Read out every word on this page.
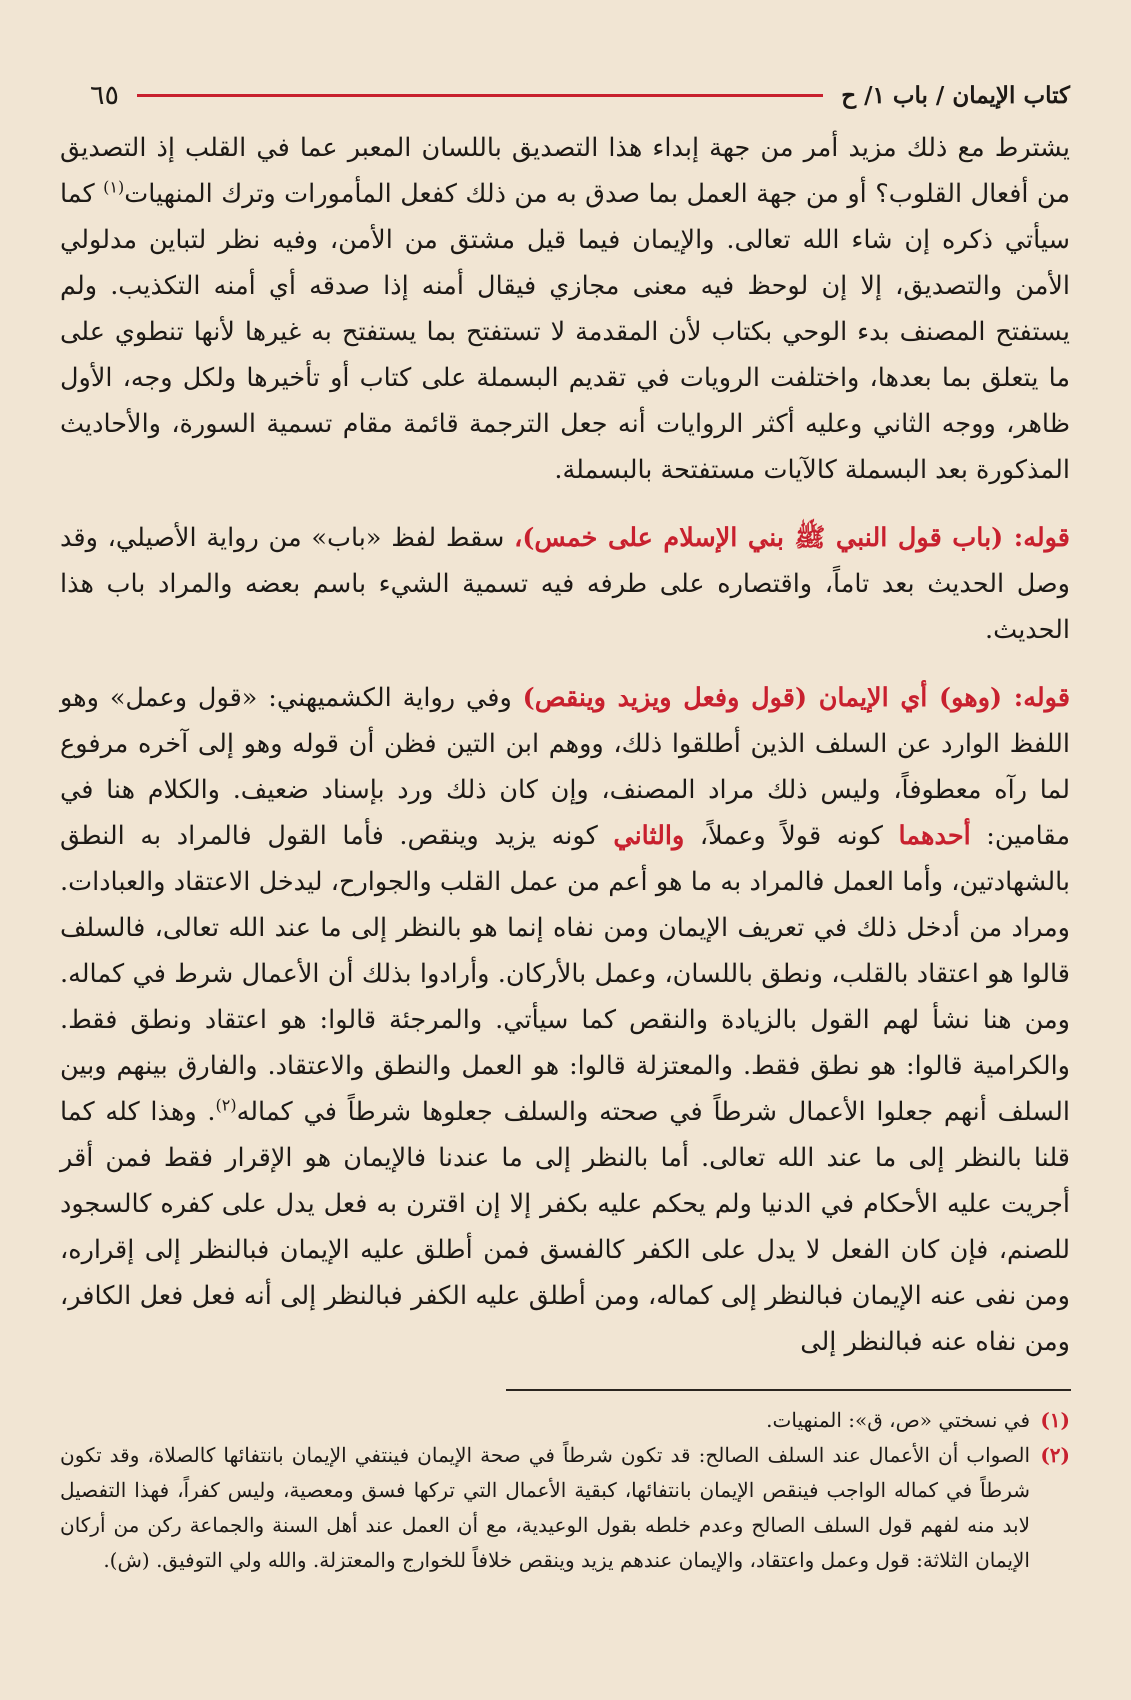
كتاب الإيمان / باب ١/ ح
٦٥

يشترط مع ذلك مزيد أمر من جهة إبداء هذا التصديق باللسان المعبر عما في القلب إذ التصديق من أفعال القلوب؟ أو من جهة العمل بما صدق به من ذلك كفعل المأمورات وترك المنهيات$^{(١)}$ كما سيأتي ذكره إن شاء الله تعالى. والإيمان فيما قيل مشتق من الأمن، وفيه نظر لتباين مدلولي الأمن والتصديق، إلا إن لوحظ فيه معنى مجازي فيقال أمنه إذا صدقه أي أمنه التكذيب. ولم يستفتح المصنف بدء الوحي بكتاب لأن المقدمة لا تستفتح بما يستفتح به غيرها لأنها تنطوي على ما يتعلق بما بعدها، واختلفت الرويات في تقديم البسملة على كتاب أو تأخيرها ولكل وجه، الأول ظاهر، ووجه الثاني وعليه أكثر الروايات أنه جعل الترجمة قائمة مقام تسمية السورة، والأحاديث المذكورة بعد البسملة كالآيات مستفتحة بالبسملة.

قوله: (باب قول النبي ﷺ بني الإسلام على خمس)، سقط لفظ «باب» من رواية الأصيلي، وقد وصل الحديث بعد تاماً، واقتصاره على طرفه فيه تسمية الشيء باسم بعضه والمراد باب هذا الحديث.

قوله: (وهو) أي الإيمان (قول وفعل ويزيد وينقص) وفي رواية الكشميهني: «قول وعمل» وهو اللفظ الوارد عن السلف الذين أطلقوا ذلك، ووهم ابن التين فظن أن قوله وهو إلى آخره مرفوع لما رآه معطوفاً، وليس ذلك مراد المصنف، وإن كان ذلك ورد بإسناد ضعيف. والكلام هنا في مقامين: أحدهما كونه قولاً وعملاً، والثاني كونه يزيد وينقص. فأما القول فالمراد به النطق بالشهادتين، وأما العمل فالمراد به ما هو أعم من عمل القلب والجوارح، ليدخل الاعتقاد والعبادات. ومراد من أدخل ذلك في تعريف الإيمان ومن نفاه إنما هو بالنظر إلى ما عند الله تعالى، فالسلف قالوا هو اعتقاد بالقلب، ونطق باللسان، وعمل بالأركان. وأرادوا بذلك أن الأعمال شرط في كماله. ومن هنا نشأ لهم القول بالزيادة والنقص كما سيأتي. والمرجئة قالوا: هو اعتقاد ونطق فقط. والكرامية قالوا: هو نطق فقط. والمعتزلة قالوا: هو العمل والنطق والاعتقاد. والفارق بينهم وبين السلف أنهم جعلوا الأعمال شرطاً في صحته والسلف جعلوها شرطاً في كماله$^{(٢)}$. وهذا كله كما قلنا بالنظر إلى ما عند الله تعالى. أما بالنظر إلى ما عندنا فالإيمان هو الإقرار فقط فمن أقر أجريت عليه الأحكام في الدنيا ولم يحكم عليه بكفر إلا إن اقترن به فعل يدل على كفره كالسجود للصنم، فإن كان الفعل لا يدل على الكفر كالفسق فمن أطلق عليه الإيمان فبالنظر إلى إقراره، ومن نفى عنه الإيمان فبالنظر إلى كماله، ومن أطلق عليه الكفر فبالنظر إلى أنه فعل فعل الكافر، ومن نفاه عنه فبالنظر إلى

(١)
في نسختي «ص، ق»: المنهيات.
(٢)
الصواب أن الأعمال عند السلف الصالح: قد تكون شرطاً في صحة الإيمان فينتفي الإيمان بانتفائها كالصلاة، وقد تكون شرطاً في كماله الواجب فينقص الإيمان بانتفائها، كبقية الأعمال التي تركها فسق ومعصية، وليس كفراً، فهذا التفصيل لابد منه لفهم قول السلف الصالح وعدم خلطه بقول الوعيدية، مع أن العمل عند أهل السنة والجماعة ركن من أركان الإيمان الثلاثة: قول وعمل واعتقاد، والإيمان عندهم يزيد وينقص خلافاً للخوارج والمعتزلة. والله ولي التوفيق. (ش).
